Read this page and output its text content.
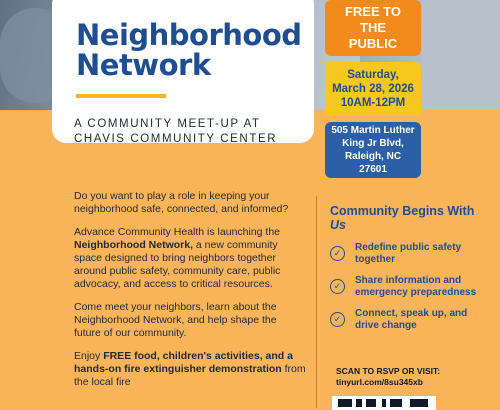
Neighborhood
Network

A COMMUNITY MEET-UP AT CHAVIS COMMUNITY CENTER

FREE TO THE PUBLIC
Saturday,
March 28, 2026
10AM-12PM
505 Martin Luther King Jr Blvd, Raleigh, NC 27601

Do you want to play a role in keeping your neighborhood safe, connected, and informed?

Advance Community Health is launching the Neighborhood Network, a new community space designed to bring neighbors together around public safety, community care, public advocacy, and access to critical resources.

Come meet your neighbors, learn about the Neighborhood Network, and help shape the future of our community.

Enjoy FREE food, children's activities, and a hands-on fire extinguisher demonstration from the local fire

Community Begins With Us
✓	Redefine public safety together
✓	Share information and emergency preparedness
✓	Connect, speak up, and drive change
SCAN TO RSVP OR VISIT:
tinyurl.com/8su345xb
